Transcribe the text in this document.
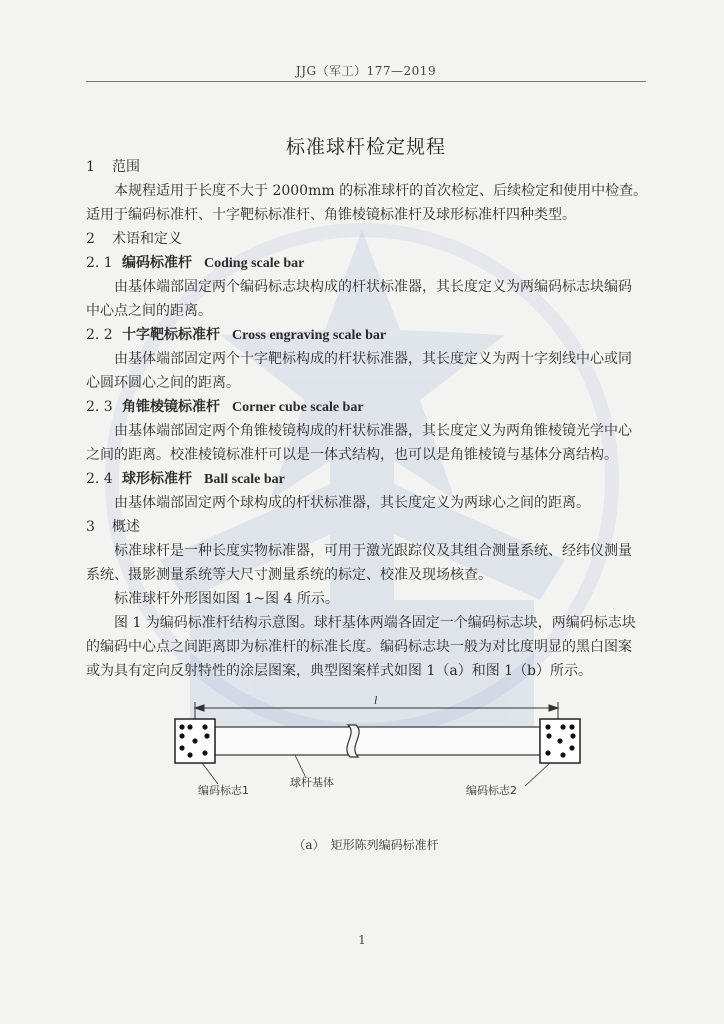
JJG（军工）177—2019
标准球杆检定规程
1 范围
本规程适用于长度不大于 2000mm 的标准球杆的首次检定、后续检定和使用中检查。
适用于编码标准杆、十字靶标标准杆、角锥棱镜标准杆及球形标准杆四种类型。
2 术语和定义
2. 1 编码标准杆 Coding scale bar
由基体端部固定两个编码标志块构成的杆状标准器，其长度定义为两编码标志块编码
中心点之间的距离。
2. 2 十字靶标标准杆 Cross engraving scale bar
由基体端部固定两个十字靶标构成的杆状标准器，其长度定义为两十字刻线中心或同
心圆环圆心之间的距离。
2. 3 角锥棱镜标准杆 Corner cube scale bar
由基体端部固定两个角锥棱镜构成的杆状标准器，其长度定义为两角锥棱镜光学中心
之间的距离。校准棱镜标准杆可以是一体式结构，也可以是角锥棱镜与基体分离结构。
2. 4 球形标准杆 Ball scale bar
由基体端部固定两个球构成的杆状标准器，其长度定义为两球心之间的距离。
3 概述
标准球杆是一种长度实物标准器，可用于激光跟踪仪及其组合测量系统、经纬仪测量
系统、摄影测量系统等大尺寸测量系统的标定、校准及现场核查。
标准球杆外形图如图 1~图 4 所示。
图 1 为编码标准杆结构示意图。球杆基体两端各固定一个编码标志块，两编码标志块
的编码中心点之间距离即为标准杆的标准长度。编码标志块一般为对比度明显的黑白图案
或为具有定向反射特性的涂层图案，典型图案样式如图 1（a）和图 1（b）所示。
l
编码标志1
球杆基体
编码标志2
（a）　矩形陈列编码标准杆
1
